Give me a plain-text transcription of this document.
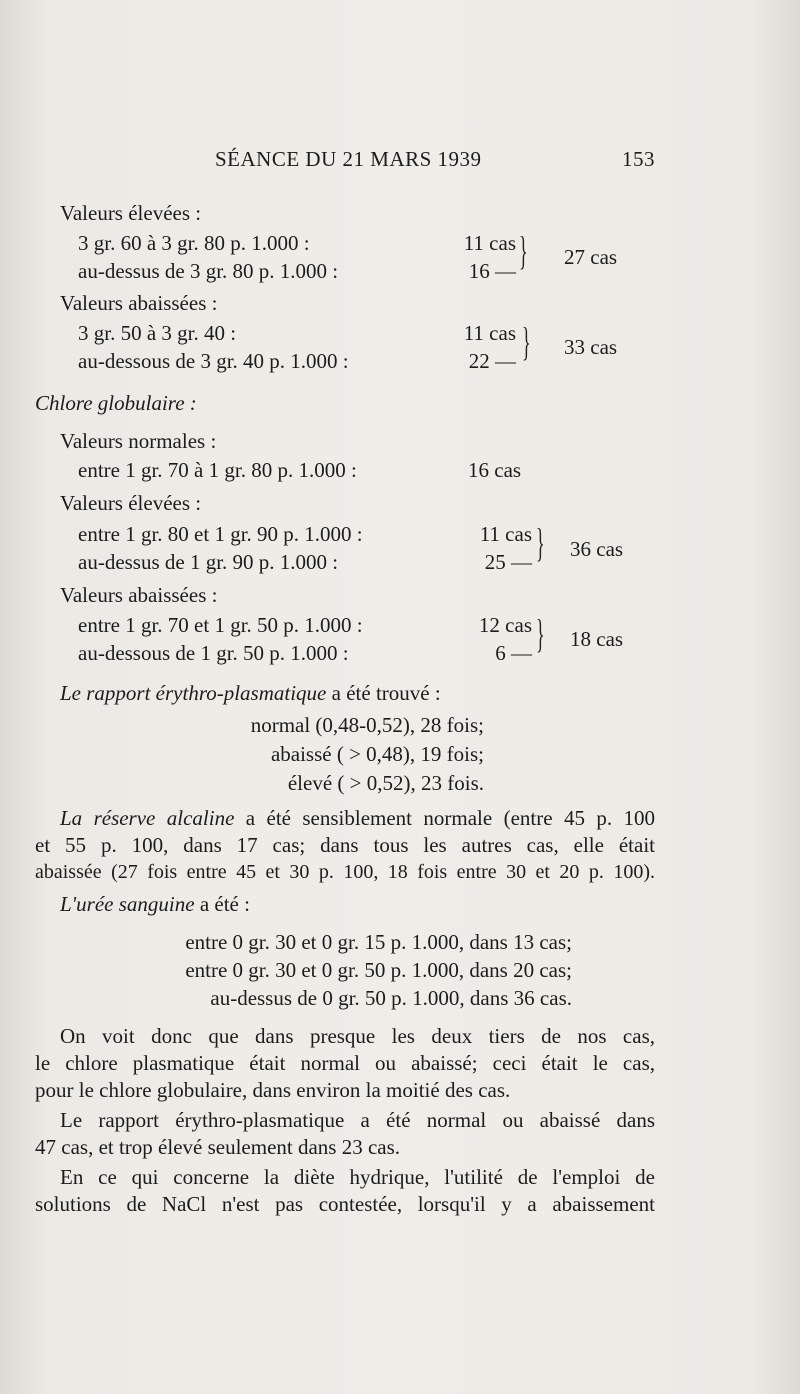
SÉANCE DU 21 MARS 1939	153
Valeurs élevées :
3 gr. 60 à 3 gr. 80 p. 1.000 :	11 cas
au-dessus de 3 gr. 80 p. 1.000 :	16 — } 27 cas
Valeurs abaissées :
3 gr. 50 à 3 gr. 40 :	11 cas
au-dessous de 3 gr. 40 p. 1.000 :	22 — } 33 cas
Chlore globulaire :
Valeurs normales :
entre 1 gr. 70 à 1 gr. 80 p. 1.000 :	16 cas
Valeurs élevées :
entre 1 gr. 80 et 1 gr. 90 p. 1.000 :	11 cas
au-dessus de 1 gr. 90 p. 1.000 :	25 — } 36 cas
Valeurs abaissées :
entre 1 gr. 70 et 1 gr. 50 p. 1.000 :	12 cas
au-dessous de 1 gr. 50 p. 1.000 :	6 — } 18 cas
Le rapport érythro-plasmatique a été trouvé :
normal (0,48-0,52), 28 fois;
abaissé ( > 0,48), 19 fois;
élevé ( > 0,52), 23 fois.
La réserve alcaline a été sensiblement normale (entre 45 p. 100
et 55 p. 100, dans 17 cas; dans tous les autres cas, elle était
abaissée (27 fois entre 45 et 30 p. 100, 18 fois entre 30 et 20 p. 100).
L'urée sanguine a été :
entre 0 gr. 30 et 0 gr. 15 p. 1.000, dans 13 cas;
entre 0 gr. 30 et 0 gr. 50 p. 1.000, dans 20 cas;
au-dessus de 0 gr. 50 p. 1.000, dans 36 cas.
On voit donc que dans presque les deux tiers de nos cas,
le chlore plasmatique était normal ou abaissé; ceci était le cas,
pour le chlore globulaire, dans environ la moitié des cas.
Le rapport érythro-plasmatique a été normal ou abaissé dans
47 cas, et trop élevé seulement dans 23 cas.
En ce qui concerne la diète hydrique, l'utilité de l'emploi de
solutions de NaCl n'est pas contestée, lorsqu'il y a abaissement
